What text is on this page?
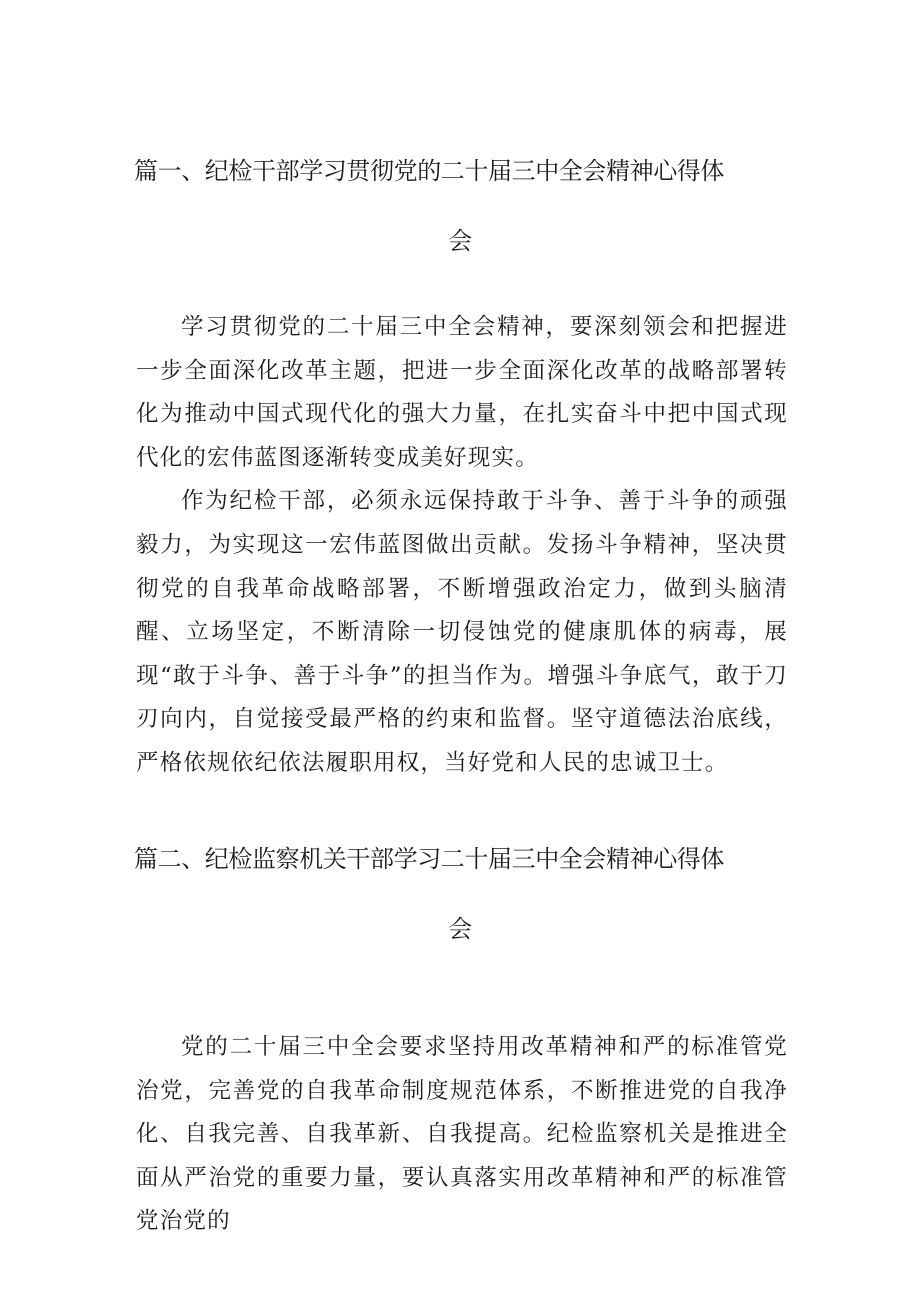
篇一、纪检干部学习贯彻党的二十届三中全会精神心得体
会

学习贯彻党的二十届三中全会精神，要深刻领会和把握进一步全面深化改革主题，把进一步全面深化改革的战略部署转化为推动中国式现代化的强大力量，在扎实奋斗中把中国式现代化的宏伟蓝图逐渐转变成美好现实。

作为纪检干部，必须永远保持敢于斗争、善于斗争的顽强毅力，为实现这一宏伟蓝图做出贡献。发扬斗争精神，坚决贯彻党的自我革命战略部署，不断增强政治定力，做到头脑清醒、立场坚定，不断清除一切侵蚀党的健康肌体的病毒，展现“敢于斗争、善于斗争”的担当作为。增强斗争底气，敢于刀刃向内，自觉接受最严格的约束和监督。坚守道德法治底线，严格依规依纪依法履职用权，当好党和人民的忠诚卫士。

篇二、纪检监察机关干部学习二十届三中全会精神心得体
会

党的二十届三中全会要求坚持用改革精神和严的标准管党治党，完善党的自我革命制度规范体系，不断推进党的自我净化、自我完善、自我革新、自我提高。纪检监察机关是推进全面从严治党的重要力量，要认真落实用改革精神和严的标准管党治党的
